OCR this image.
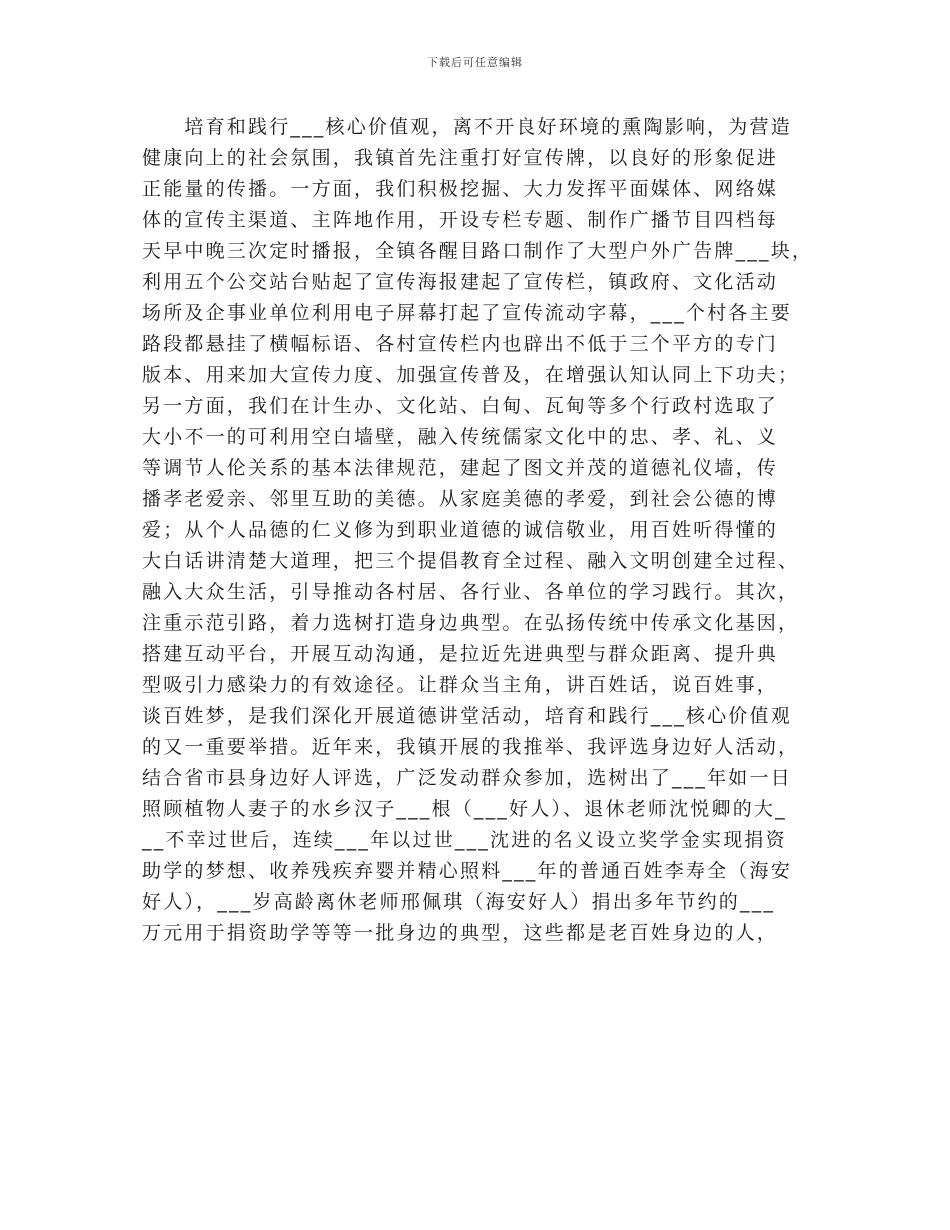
下载后可任意编辑
　　培育和践行___核心价值观，离不开良好环境的熏陶影响，为营造
健康向上的社会氛围，我镇首先注重打好宣传牌，以良好的形象促进
正能量的传播。一方面，我们积极挖掘、大力发挥平面媒体、网络媒
体的宣传主渠道、主阵地作用，开设专栏专题、制作广播节目四档每
天早中晚三次定时播报，全镇各醒目路口制作了大型户外广告牌___块，
利用五个公交站台贴起了宣传海报建起了宣传栏，镇政府、文化活动
场所及企事业单位利用电子屏幕打起了宣传流动字幕，___个村各主要
路段都悬挂了横幅标语、各村宣传栏内也辟出不低于三个平方的专门
版本、用来加大宣传力度、加强宣传普及，在增强认知认同上下功夫；
另一方面，我们在计生办、文化站、白甸、瓦甸等多个行政村选取了
大小不一的可利用空白墙壁，融入传统儒家文化中的忠、孝、礼、义
等调节人伦关系的基本法律规范，建起了图文并茂的道德礼仪墙，传
播孝老爱亲、邻里互助的美德。从家庭美德的孝爱，到社会公德的博
爱；从个人品德的仁义修为到职业道德的诚信敬业，用百姓听得懂的
大白话讲清楚大道理，把三个提倡教育全过程、融入文明创建全过程、
融入大众生活，引导推动各村居、各行业、各单位的学习践行。其次，
注重示范引路，着力选树打造身边典型。在弘扬传统中传承文化基因，
搭建互动平台，开展互动沟通，是拉近先进典型与群众距离、提升典
型吸引力感染力的有效途径。让群众当主角，讲百姓话，说百姓事，
谈百姓梦，是我们深化开展道德讲堂活动，培育和践行___核心价值观
的又一重要举措。近年来，我镇开展的我推举、我评选身边好人活动，
结合省市县身边好人评选，广泛发动群众参加，选树出了___年如一日
照顾植物人妻子的水乡汉子___根（___好人）、退休老师沈悦卿的大_
__不幸过世后，连续___年以过世___沈进的名义设立奖学金实现捐资
助学的梦想、收养残疾弃婴并精心照料___年的普通百姓李寿全（海安
好人），___岁高龄离休老师邢佩琪（海安好人）捐出多年节约的___
万元用于捐资助学等等一批身边的典型，这些都是老百姓身边的人，
